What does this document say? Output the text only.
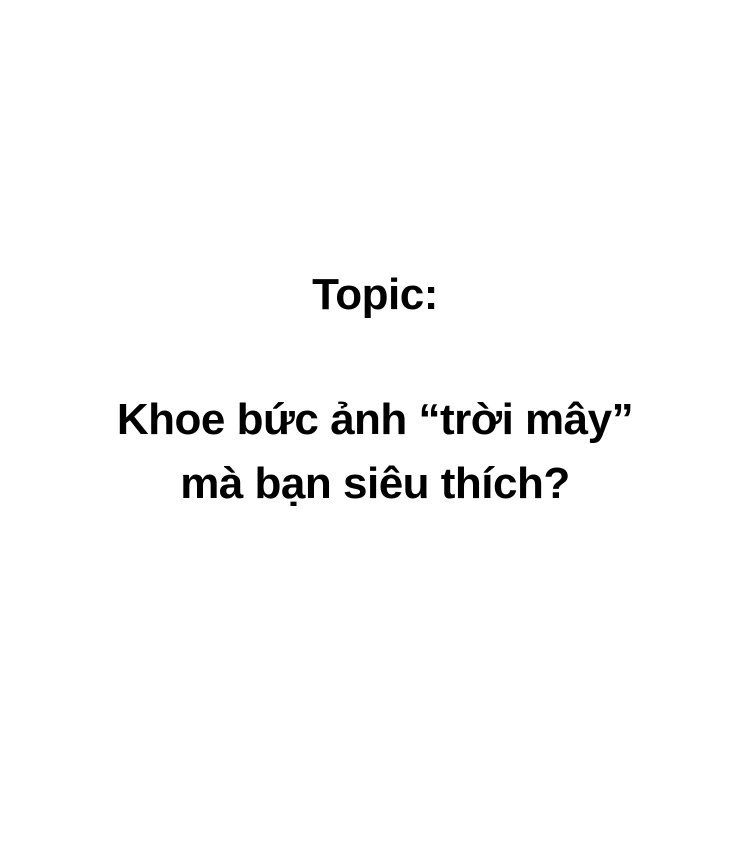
Topic:
Khoe bức ảnh “trời mây”
mà bạn siêu thích?
